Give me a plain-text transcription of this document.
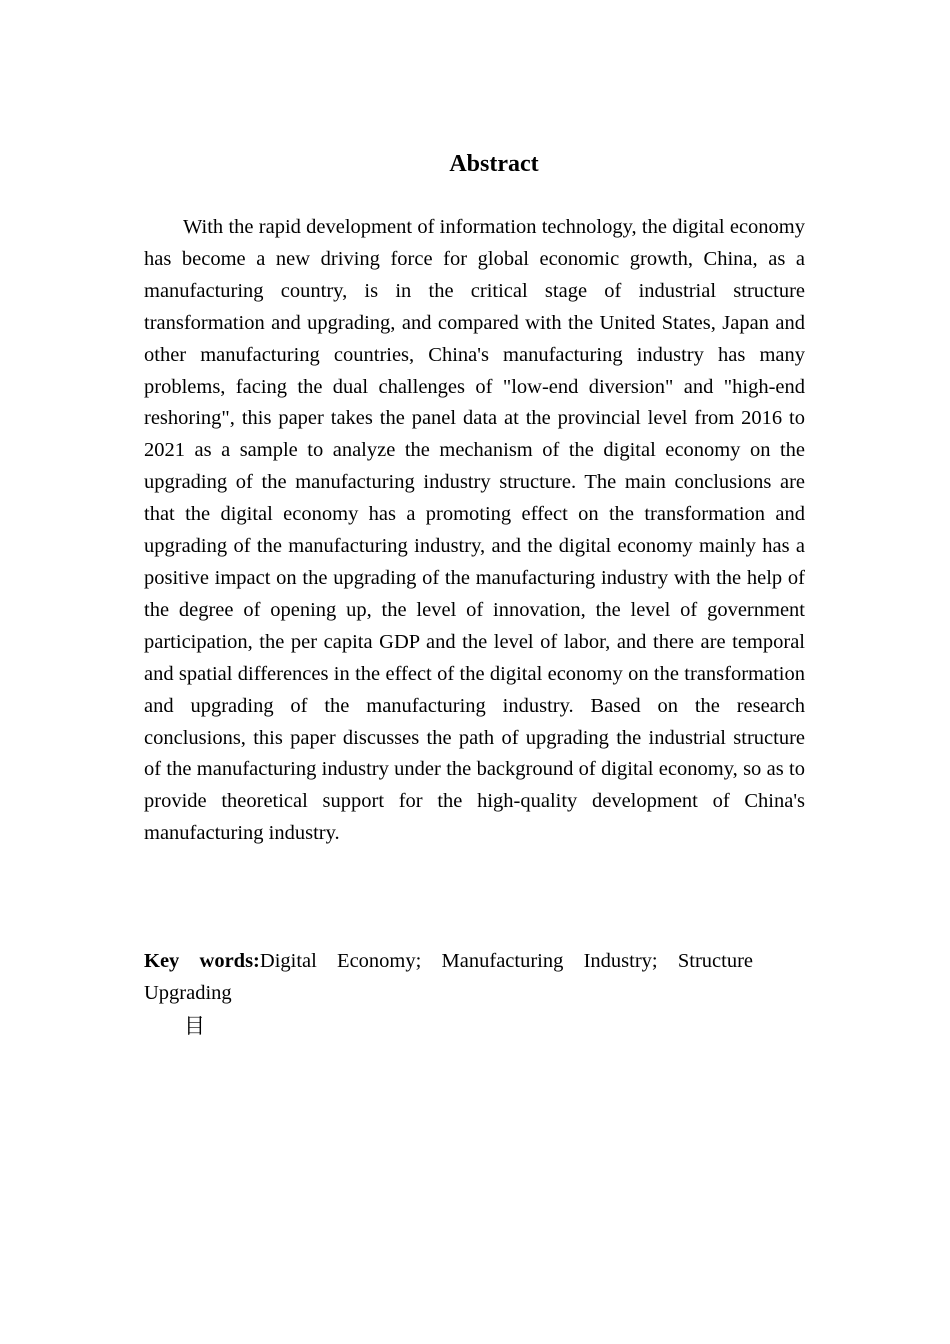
Abstract

With the rapid development of information technology, the digital economy has become a new driving force for global economic growth, China, as a manufacturing country, is in the critical stage of industrial structure transformation and upgrading, and compared with the United States, Japan and other manufacturing countries, China's manufacturing industry has many problems, facing the dual challenges of "low-end diversion" and "high-end reshoring", this paper takes the panel data at the provincial level from 2016 to 2021 as a sample to analyze the mechanism of the digital economy on the upgrading of the manufacturing industry structure. The main conclusions are that the digital economy has a promoting effect on the transformation and upgrading of the manufacturing industry, and the digital economy mainly has a positive impact on the upgrading of the manufacturing industry with the help of the degree of opening up, the level of innovation, the level of government participation, the per capita GDP and the level of labor, and there are temporal and spatial differences in the effect of the digital economy on the transformation and upgrading of the manufacturing industry. Based on the research conclusions, this paper discusses the path of upgrading the industrial structure of the manufacturing industry under the background of digital economy, so as to provide theoretical support for the high-quality development of China's manufacturing industry.

Key words:Digital Economy; Manufacturing Industry; Structure Upgrading

目
